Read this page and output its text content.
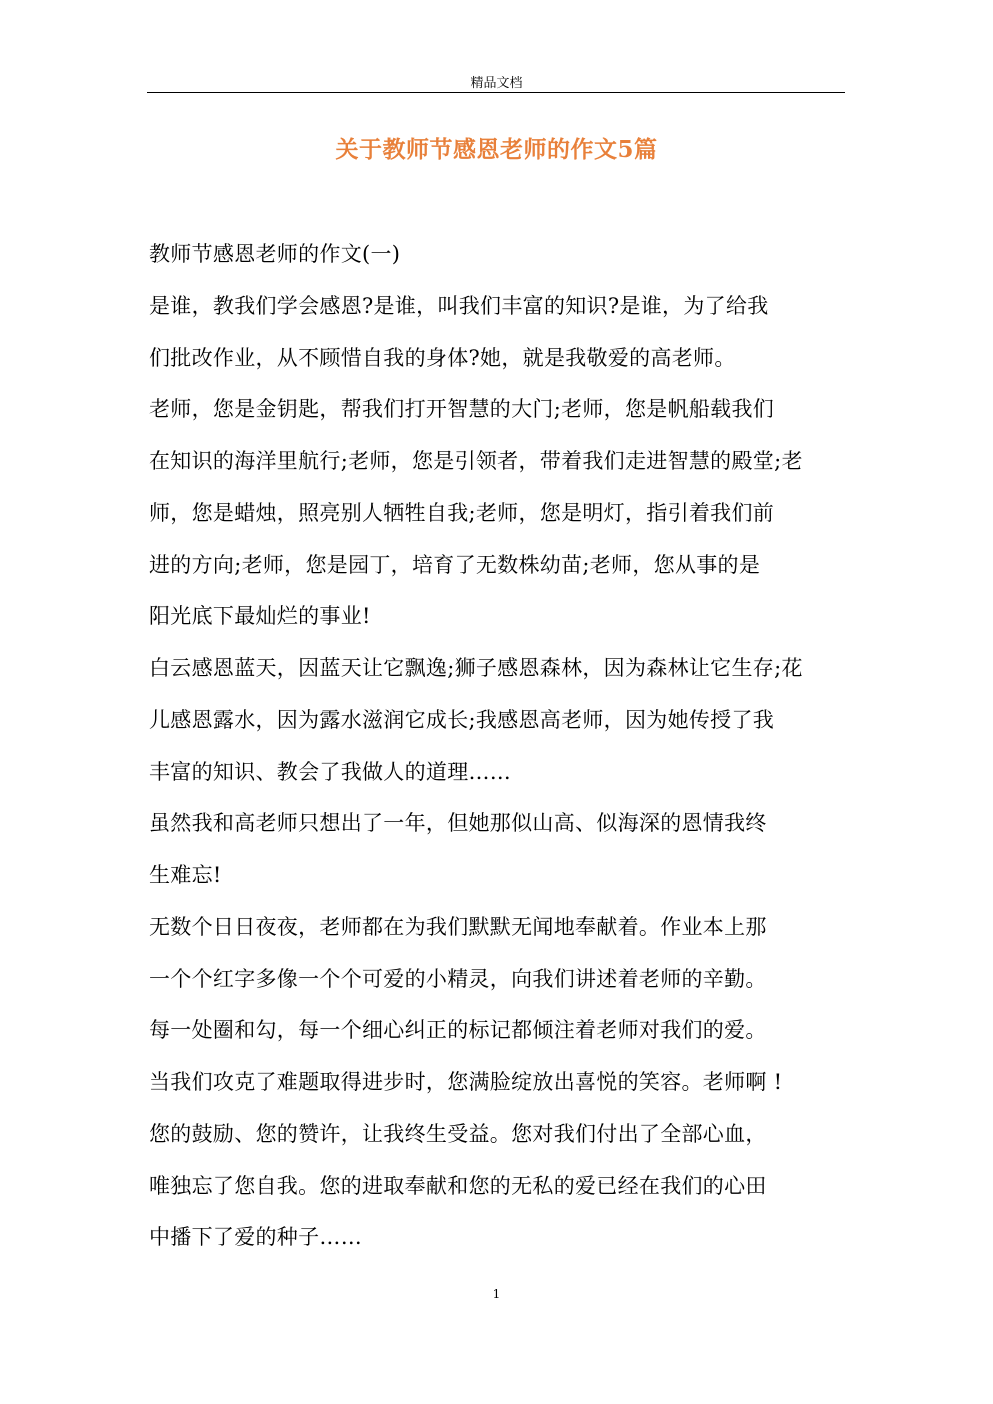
精品文档
关于教师节感恩老师的作文5篇
教师节感恩老师的作文(一)
是谁，教我们学会感恩?是谁，叫我们丰富的知识?是谁，为了给我
们批改作业，从不顾惜自我的身体?她，就是我敬爱的高老师。
老师，您是金钥匙，帮我们打开智慧的大门;老师，您是帆船载我们
在知识的海洋里航行;老师，您是引领者，带着我们走进智慧的殿堂;老
师，您是蜡烛，照亮别人牺牲自我;老师，您是明灯，指引着我们前
进的方向;老师，您是园丁，培育了无数株幼苗;老师，您从事的是
阳光底下最灿烂的事业!
白云感恩蓝天，因蓝天让它飘逸;狮子感恩森林，因为森林让它生存;花
儿感恩露水，因为露水滋润它成长;我感恩高老师，因为她传授了我
丰富的知识、教会了我做人的道理……
虽然我和高老师只想出了一年，但她那似山高、似海深的恩情我终
生难忘!
无数个日日夜夜，老师都在为我们默默无闻地奉献着。作业本上那
一个个红字多像一个个可爱的小精灵，向我们讲述着老师的辛勤。
每一处圈和勾，每一个细心纠正的标记都倾注着老师对我们的爱。
当我们攻克了难题取得进步时，您满脸绽放出喜悦的笑容。老师啊 !
您的鼓励、您的赞许，让我终生受益。您对我们付出了全部心血，
唯独忘了您自我。您的进取奉献和您的无私的爱已经在我们的心田
中播下了爱的种子……
1
